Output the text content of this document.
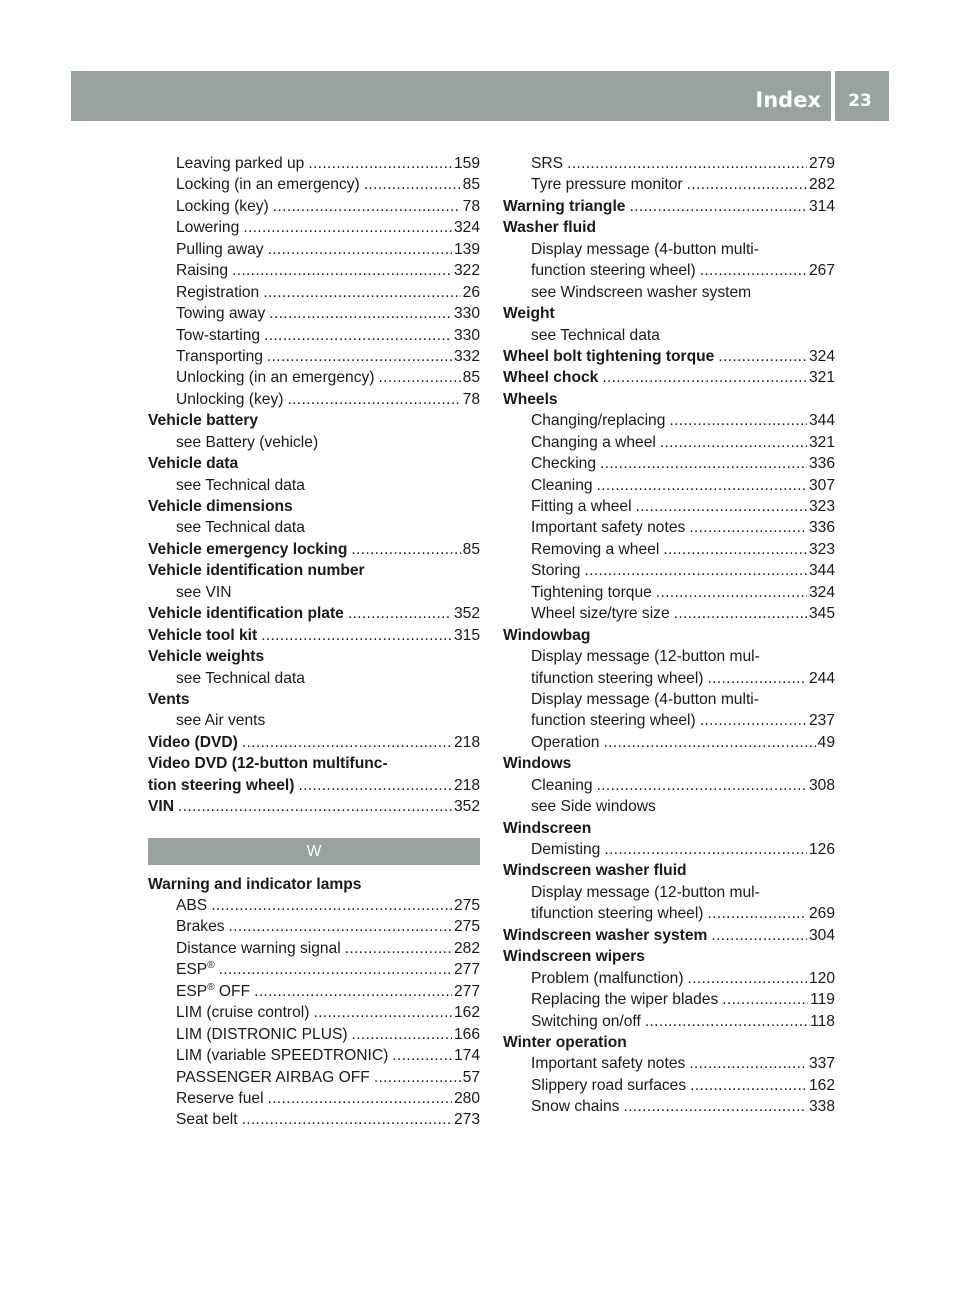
Index	23
Leaving parked up . . .	159
Locking (in an emergency) . . .	85
Locking (key) . . .	78
Lowering . . .	324
Pulling away . . .	139
Raising . . .	322
Registration . . .	26
Towing away . . .	330
Tow-starting . . .	330
Transporting . . .	332
Unlocking (in an emergency) . . .	85
Unlocking (key) . . .	78
Vehicle battery
see Battery (vehicle)
Vehicle data
see Technical data
Vehicle dimensions
see Technical data
Vehicle emergency locking . . .	85
Vehicle identification number
see VIN
Vehicle identification plate . . .	352
Vehicle tool kit . . .	315
Vehicle weights
see Technical data
Vents
see Air vents
Video (DVD) . . .	218
Video DVD (12-button multifunc-
tion steering wheel) . . .	218
VIN . . .	352
W
Warning and indicator lamps
ABS . . .	275
Brakes . . .	275
Distance warning signal . . .	282
ESP® . . .	277
ESP® OFF . . .	277
LIM (cruise control) . . .	162
LIM (DISTRONIC PLUS) . . .	166
LIM (variable SPEEDTRONIC) . . .	174
PASSENGER AIRBAG OFF . . .	57
Reserve fuel . . .	280
Seat belt . . .	273
SRS . . .	279
Tyre pressure monitor . . .	282
Warning triangle . . .	314
Washer fluid
Display message (4-button multi-
function steering wheel) . . .	267
see Windscreen washer system
Weight
see Technical data
Wheel bolt tightening torque . . .	324
Wheel chock . . .	321
Wheels
Changing/replacing . . .	344
Changing a wheel . . .	321
Checking . . .	336
Cleaning . . .	307
Fitting a wheel . . .	323
Important safety notes . . .	336
Removing a wheel . . .	323
Storing . . .	344
Tightening torque . . .	324
Wheel size/tyre size . . .	345
Windowbag
Display message (12-button mul-
tifunction steering wheel) . . .	244
Display message (4-button multi-
function steering wheel) . . .	237
Operation . . .	49
Windows
Cleaning . . .	308
see Side windows
Windscreen
Demisting . . .	126
Windscreen washer fluid
Display message (12-button mul-
tifunction steering wheel) . . .	269
Windscreen washer system . . .	304
Windscreen wipers
Problem (malfunction) . . .	120
Replacing the wiper blades . . .	119
Switching on/off . . .	118
Winter operation
Important safety notes . . .	337
Slippery road surfaces . . .	162
Snow chains . . .	338
